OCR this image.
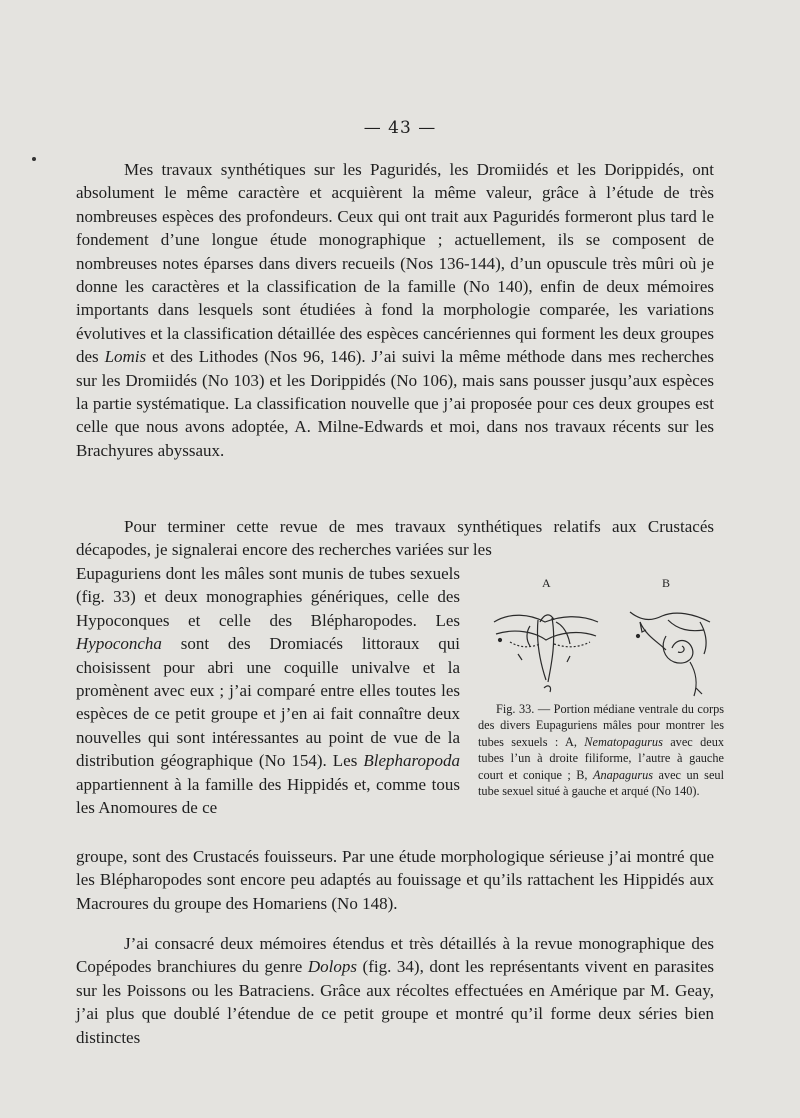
— 43 —

Mes travaux synthétiques sur les Paguridés, les Dromiidés et les Dorippidés, ont absolument le même caractère et acquièrent la même valeur, grâce à l’étude de très nombreuses espèces des profondeurs. Ceux qui ont trait aux Paguridés formeront plus tard le fondement d’une longue étude monographique ; actuellement, ils se composent de nombreuses notes éparses dans divers recueils (Nos 136-144), d’un opuscule très mûri où je donne les caractères et la classification de la famille (No 140), enfin de deux mémoires importants dans lesquels sont étudiées à fond la morphologie comparée, les variations évolutives et la classification détaillée des espèces cancériennes qui forment les deux groupes des Lomis et des Lithodes (Nos 96, 146). J’ai suivi la même méthode dans mes recherches sur les Dromiidés (No 103) et les Dorippidés (No 106), mais sans pousser jusqu’aux espèces la partie systématique. La classification nouvelle que j’ai proposée pour ces deux groupes est celle que nous avons adoptée, A. Milne-Edwards et moi, dans nos travaux récents sur les Brachyures abyssaux.

Pour terminer cette revue de mes travaux synthétiques relatifs aux Crustacés décapodes, je signalerai encore des recherches variées sur les

Eupaguriens dont les mâles sont munis de tubes sexuels (fig. 33) et deux monographies génériques, celle des Hypoconques et celle des Blépharopodes. Les Hypoconcha sont des Dromiacés littoraux qui choisissent pour abri une coquille univalve et la promènent avec eux ; j’ai comparé entre elles toutes les espèces de ce petit groupe et j’en ai fait connaître deux nouvelles qui sont intéressantes au point de vue de la distribution géographique (No 154). Les Blepharopoda appartiennent à la famille des Hippidés et, comme tous les Anomoures de ce

A	B

Fig. 33. — Portion médiane ventrale du corps des divers Eupaguriens mâles pour montrer les tubes sexuels : A, Nematopagurus avec deux tubes l’un à droite filiforme, l’autre à gauche court et conique ; B, Anapagurus avec un seul tube sexuel situé à gauche et arqué (No 140).

groupe, sont des Crustacés fouisseurs. Par une étude morphologique sérieuse j’ai montré que les Blépharopodes sont encore peu adaptés au fouissage et qu’ils rattachent les Hippidés aux Macroures du groupe des Homariens (No 148).

J’ai consacré deux mémoires étendus et très détaillés à la revue monographique des Copépodes branchiures du genre Dolops (fig. 34), dont les représentants vivent en parasites sur les Poissons ou les Batraciens. Grâce aux récoltes effectuées en Amérique par M. Geay, j’ai plus que doublé l’étendue de ce petit groupe et montré qu’il forme deux séries bien distinctes
